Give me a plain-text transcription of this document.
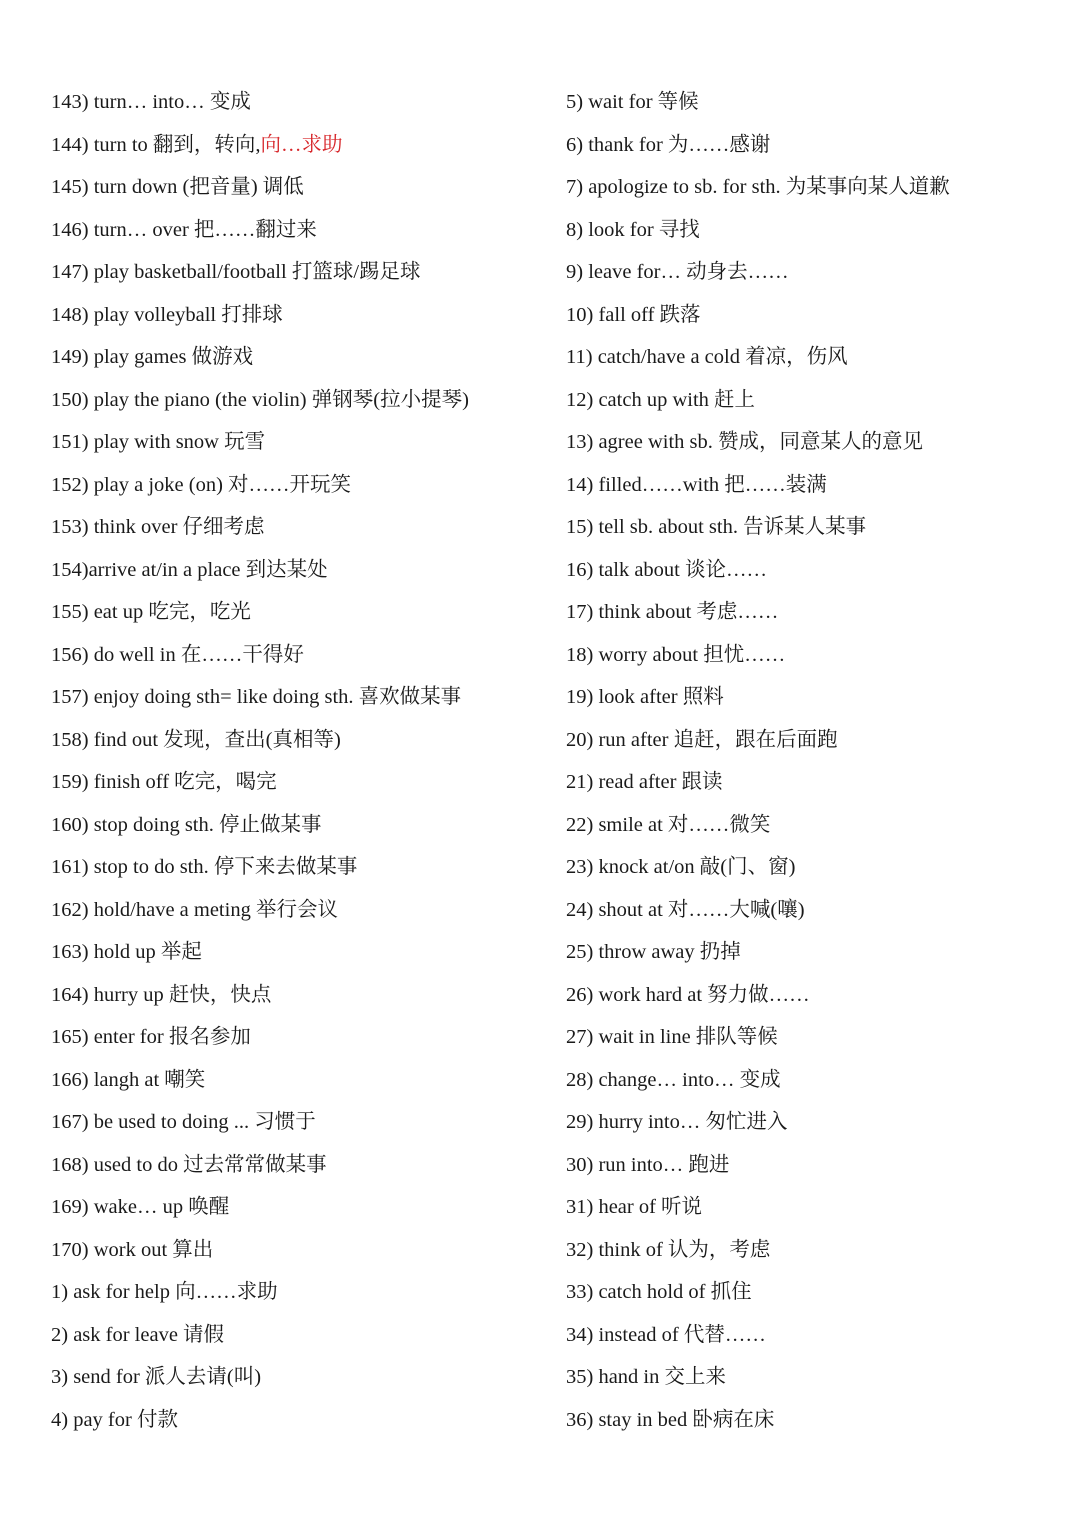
143) turn… into… 变成
144) turn to 翻到，转向,向…求助
145) turn down (把音量) 调低
146) turn… over 把……翻过来
147) play basketball/football 打篮球/踢足球
148) play volleyball 打排球
149) play games 做游戏
150) play the piano (the violin) 弹钢琴(拉小提琴)
151) play with snow 玩雪
152) play a joke (on) 对……开玩笑
153) think over 仔细考虑
154)arrive at/in a place 到达某处
155) eat up 吃完，吃光
156) do well in 在……干得好
157) enjoy doing sth= like doing sth. 喜欢做某事
158) find out 发现，查出(真相等)
159) finish off 吃完，喝完
160) stop doing sth. 停止做某事
161) stop to do sth. 停下来去做某事
162) hold/have a meting 举行会议
163) hold up 举起
164) hurry up 赶快，快点
165) enter for 报名参加
166) langh at 嘲笑
167) be used to doing ... 习惯于
168) used to do 过去常常做某事
169) wake… up 唤醒
170) work out 算出
1) ask for help 向……求助
2) ask for leave 请假
3) send for 派人去请(叫)
4) pay for 付款
5) wait for 等候
6) thank for 为……感谢
7) apologize to sb. for sth. 为某事向某人道歉
8) look for 寻找
9) leave for… 动身去……
10) fall off 跌落
11) catch/have a cold 着凉，伤风
12) catch up with 赶上
13) agree with sb. 赞成，同意某人的意见
14) filled……with 把……装满
15) tell sb. about sth. 告诉某人某事
16) talk about 谈论……
17) think about 考虑……
18) worry about 担忧……
19) look after 照料
20) run after 追赶，跟在后面跑
21) read after 跟读
22) smile at 对……微笑
23) knock at/on 敲(门、窗)
24) shout at 对……大喊(嚷)
25) throw away 扔掉
26) work hard at 努力做……
27) wait in line 排队等候
28) change… into… 变成
29) hurry into… 匆忙进入
30) run into… 跑进
31) hear of 听说
32) think of 认为，考虑
33) catch hold of 抓住
34) instead of 代替……
35) hand in 交上来
36) stay in bed 卧病在床
